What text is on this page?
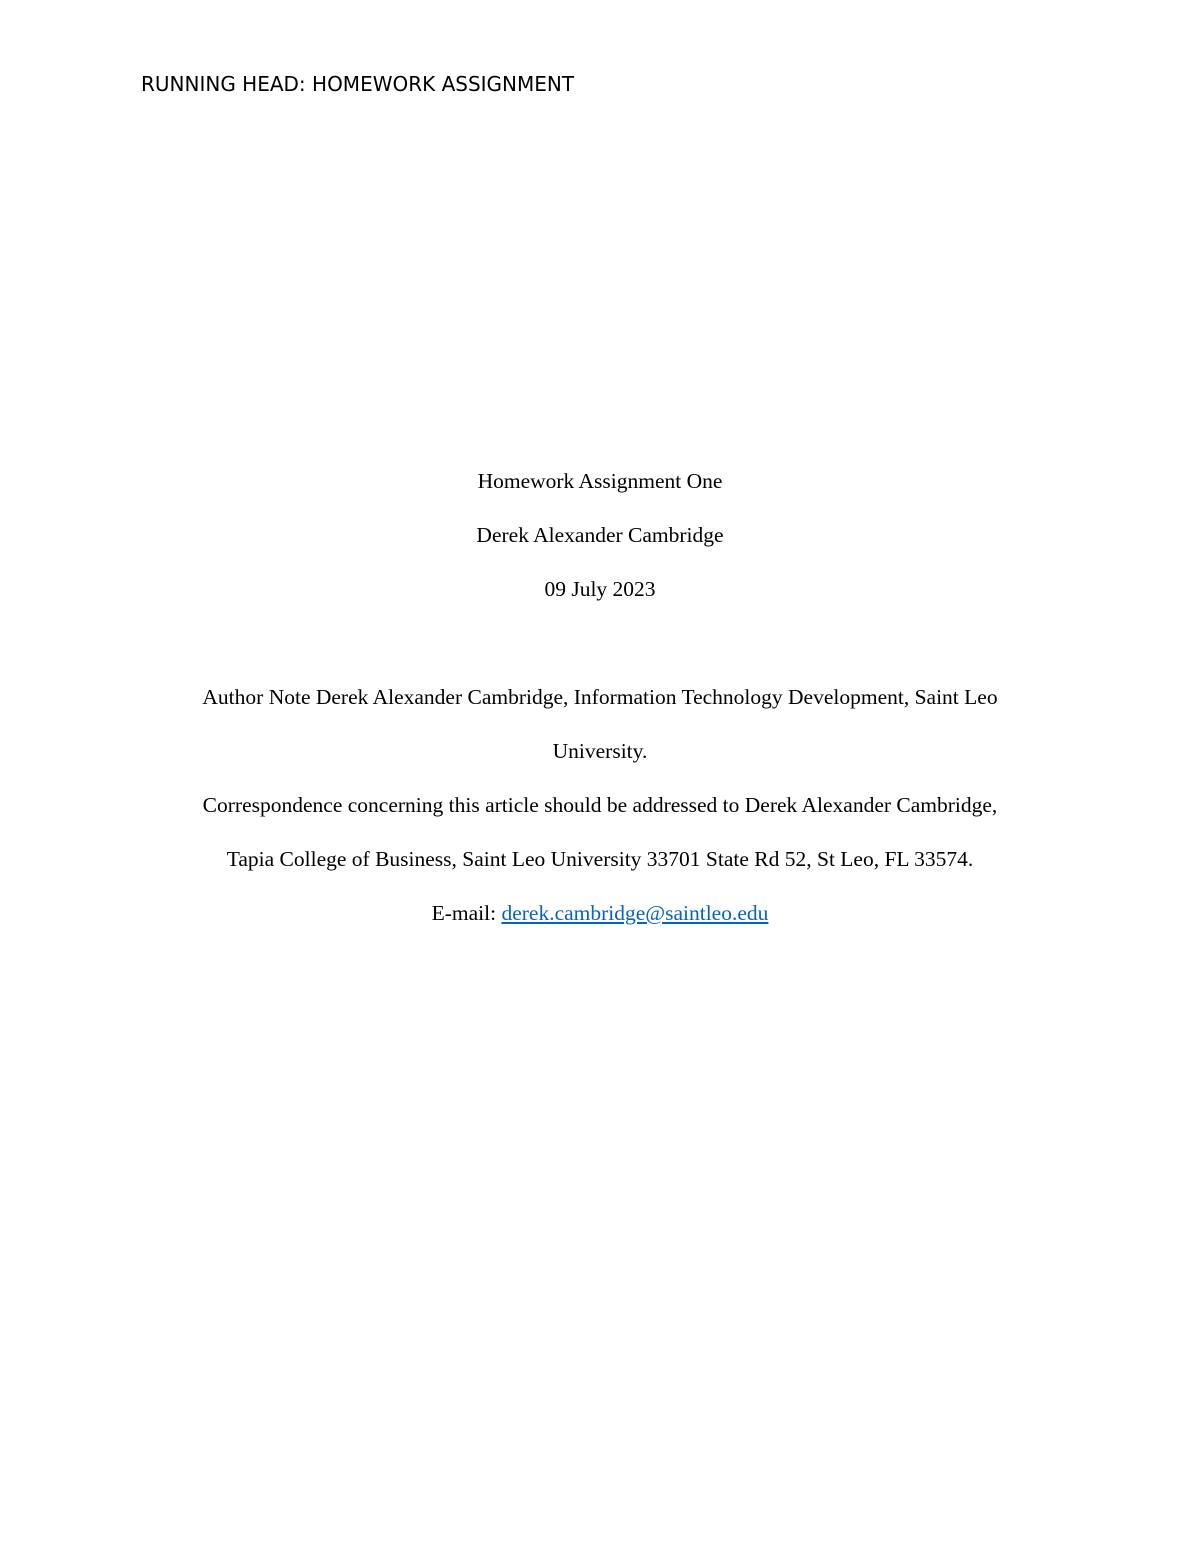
RUNNING HEAD: HOMEWORK ASSIGNMENT
Homework Assignment One
Derek Alexander Cambridge
09 July 2023
Author Note Derek Alexander Cambridge, Information Technology Development, Saint Leo
University.
Correspondence concerning this article should be addressed to Derek Alexander Cambridge,
Tapia College of Business, Saint Leo University 33701 State Rd 52, St Leo, FL 33574.
E-mail: derek.cambridge@saintleo.edu
